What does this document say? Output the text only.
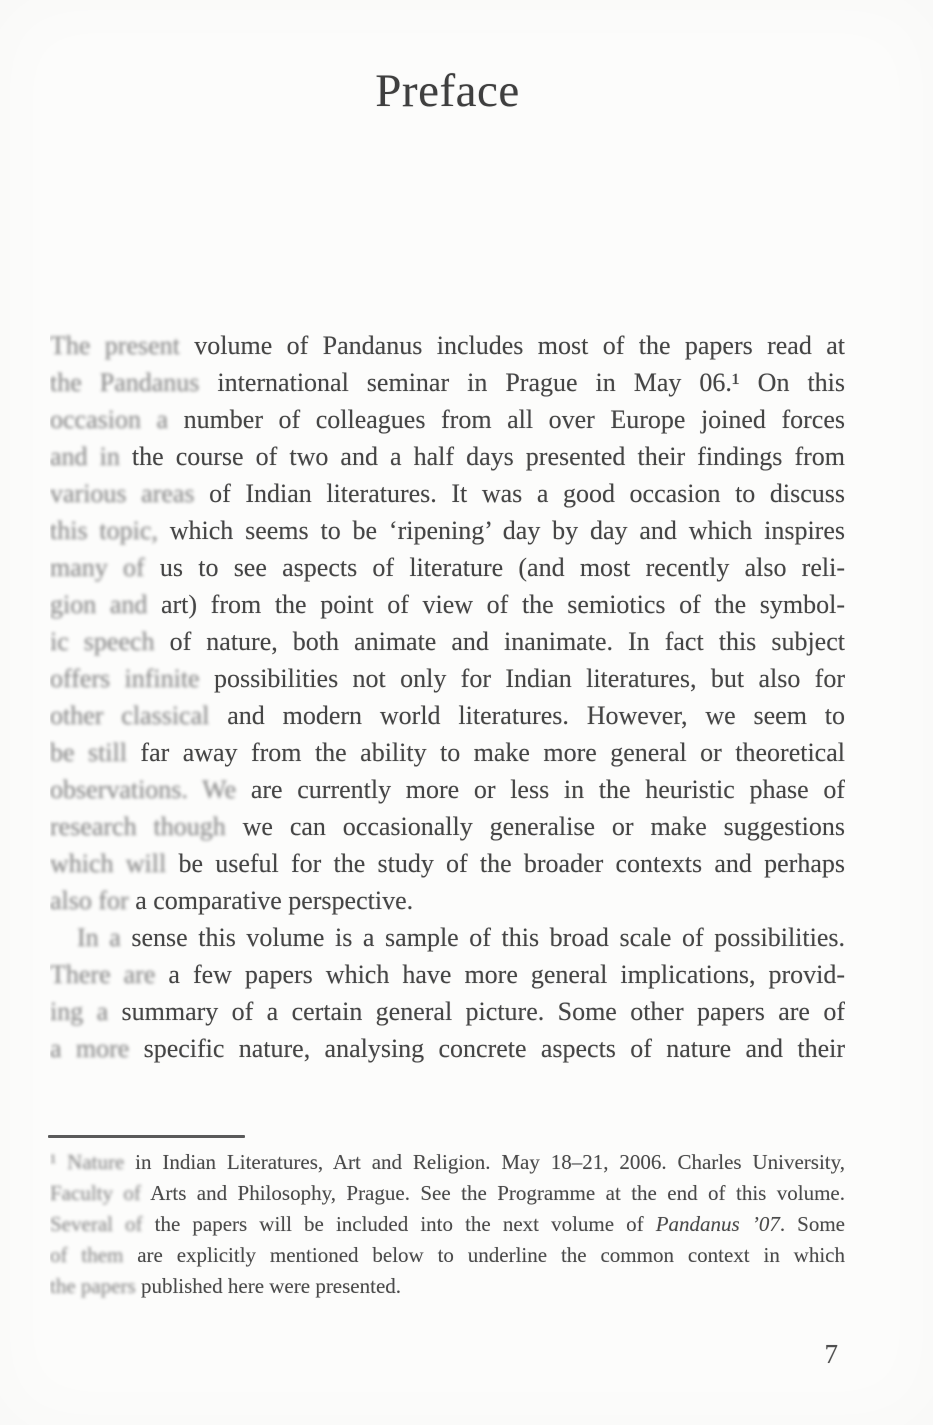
Preface
The present volume of Pandanus includes most of the papers read at
the Pandanus international seminar in Prague in May 06.¹ On this
occasion a number of colleagues from all over Europe joined forces
and in the course of two and a half days presented their findings from
various areas of Indian literatures. It was a good occasion to discuss
this topic, which seems to be ‘ripening’ day by day and which inspires
many of us to see aspects of literature (and most recently also reli-
gion and art) from the point of view of the semiotics of the symbol-
ic speech of nature, both animate and inanimate. In fact this subject
offers infinite possibilities not only for Indian literatures, but also for
other classical and modern world literatures. However, we seem to
be still far away from the ability to make more general or theoretical
observations. We are currently more or less in the heuristic phase of
research though we can occasionally generalise or make suggestions
which will be useful for the study of the broader contexts and perhaps
also for a comparative perspective.
In a sense this volume is a sample of this broad scale of possibilities.
There are a few papers which have more general implications, provid-
ing a summary of a certain general picture. Some other papers are of
a more specific nature, analysing concrete aspects of nature and their
¹ Nature in Indian Literatures, Art and Religion. May 18–21, 2006. Charles University,
Faculty of Arts and Philosophy, Prague. See the Programme at the end of this volume.
Several of the papers will be included into the next volume of Pandanus ’07. Some
of them are explicitly mentioned below to underline the common context in which
the papers published here were presented.
7
